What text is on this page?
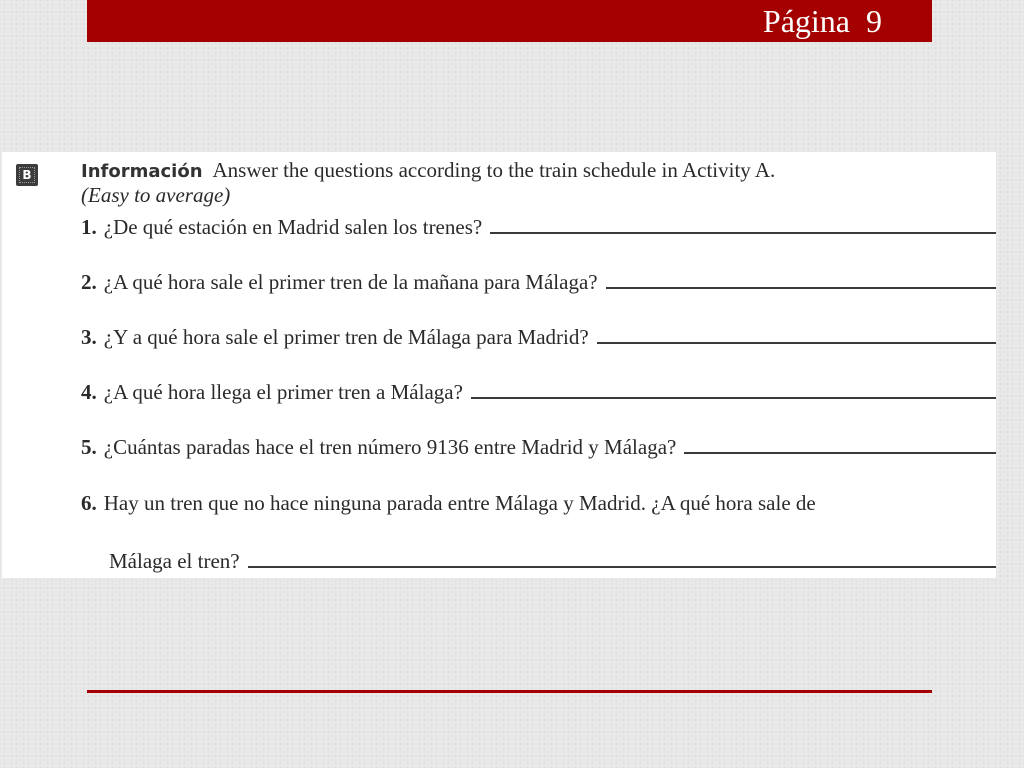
Página  9
B	Información Answer the questions according to the train schedule in Activity A.
(Easy to average)
1. ¿De qué estación en Madrid salen los trenes?
2. ¿A qué hora sale el primer tren de la mañana para Málaga?
3. ¿Y a qué hora sale el primer tren de Málaga para Madrid?
4. ¿A qué hora llega el primer tren a Málaga?
5. ¿Cuántas paradas hace el tren número 9136 entre Madrid y Málaga?
6. Hay un tren que no hace ninguna parada entre Málaga y Madrid. ¿A qué hora sale de
Málaga el tren?
